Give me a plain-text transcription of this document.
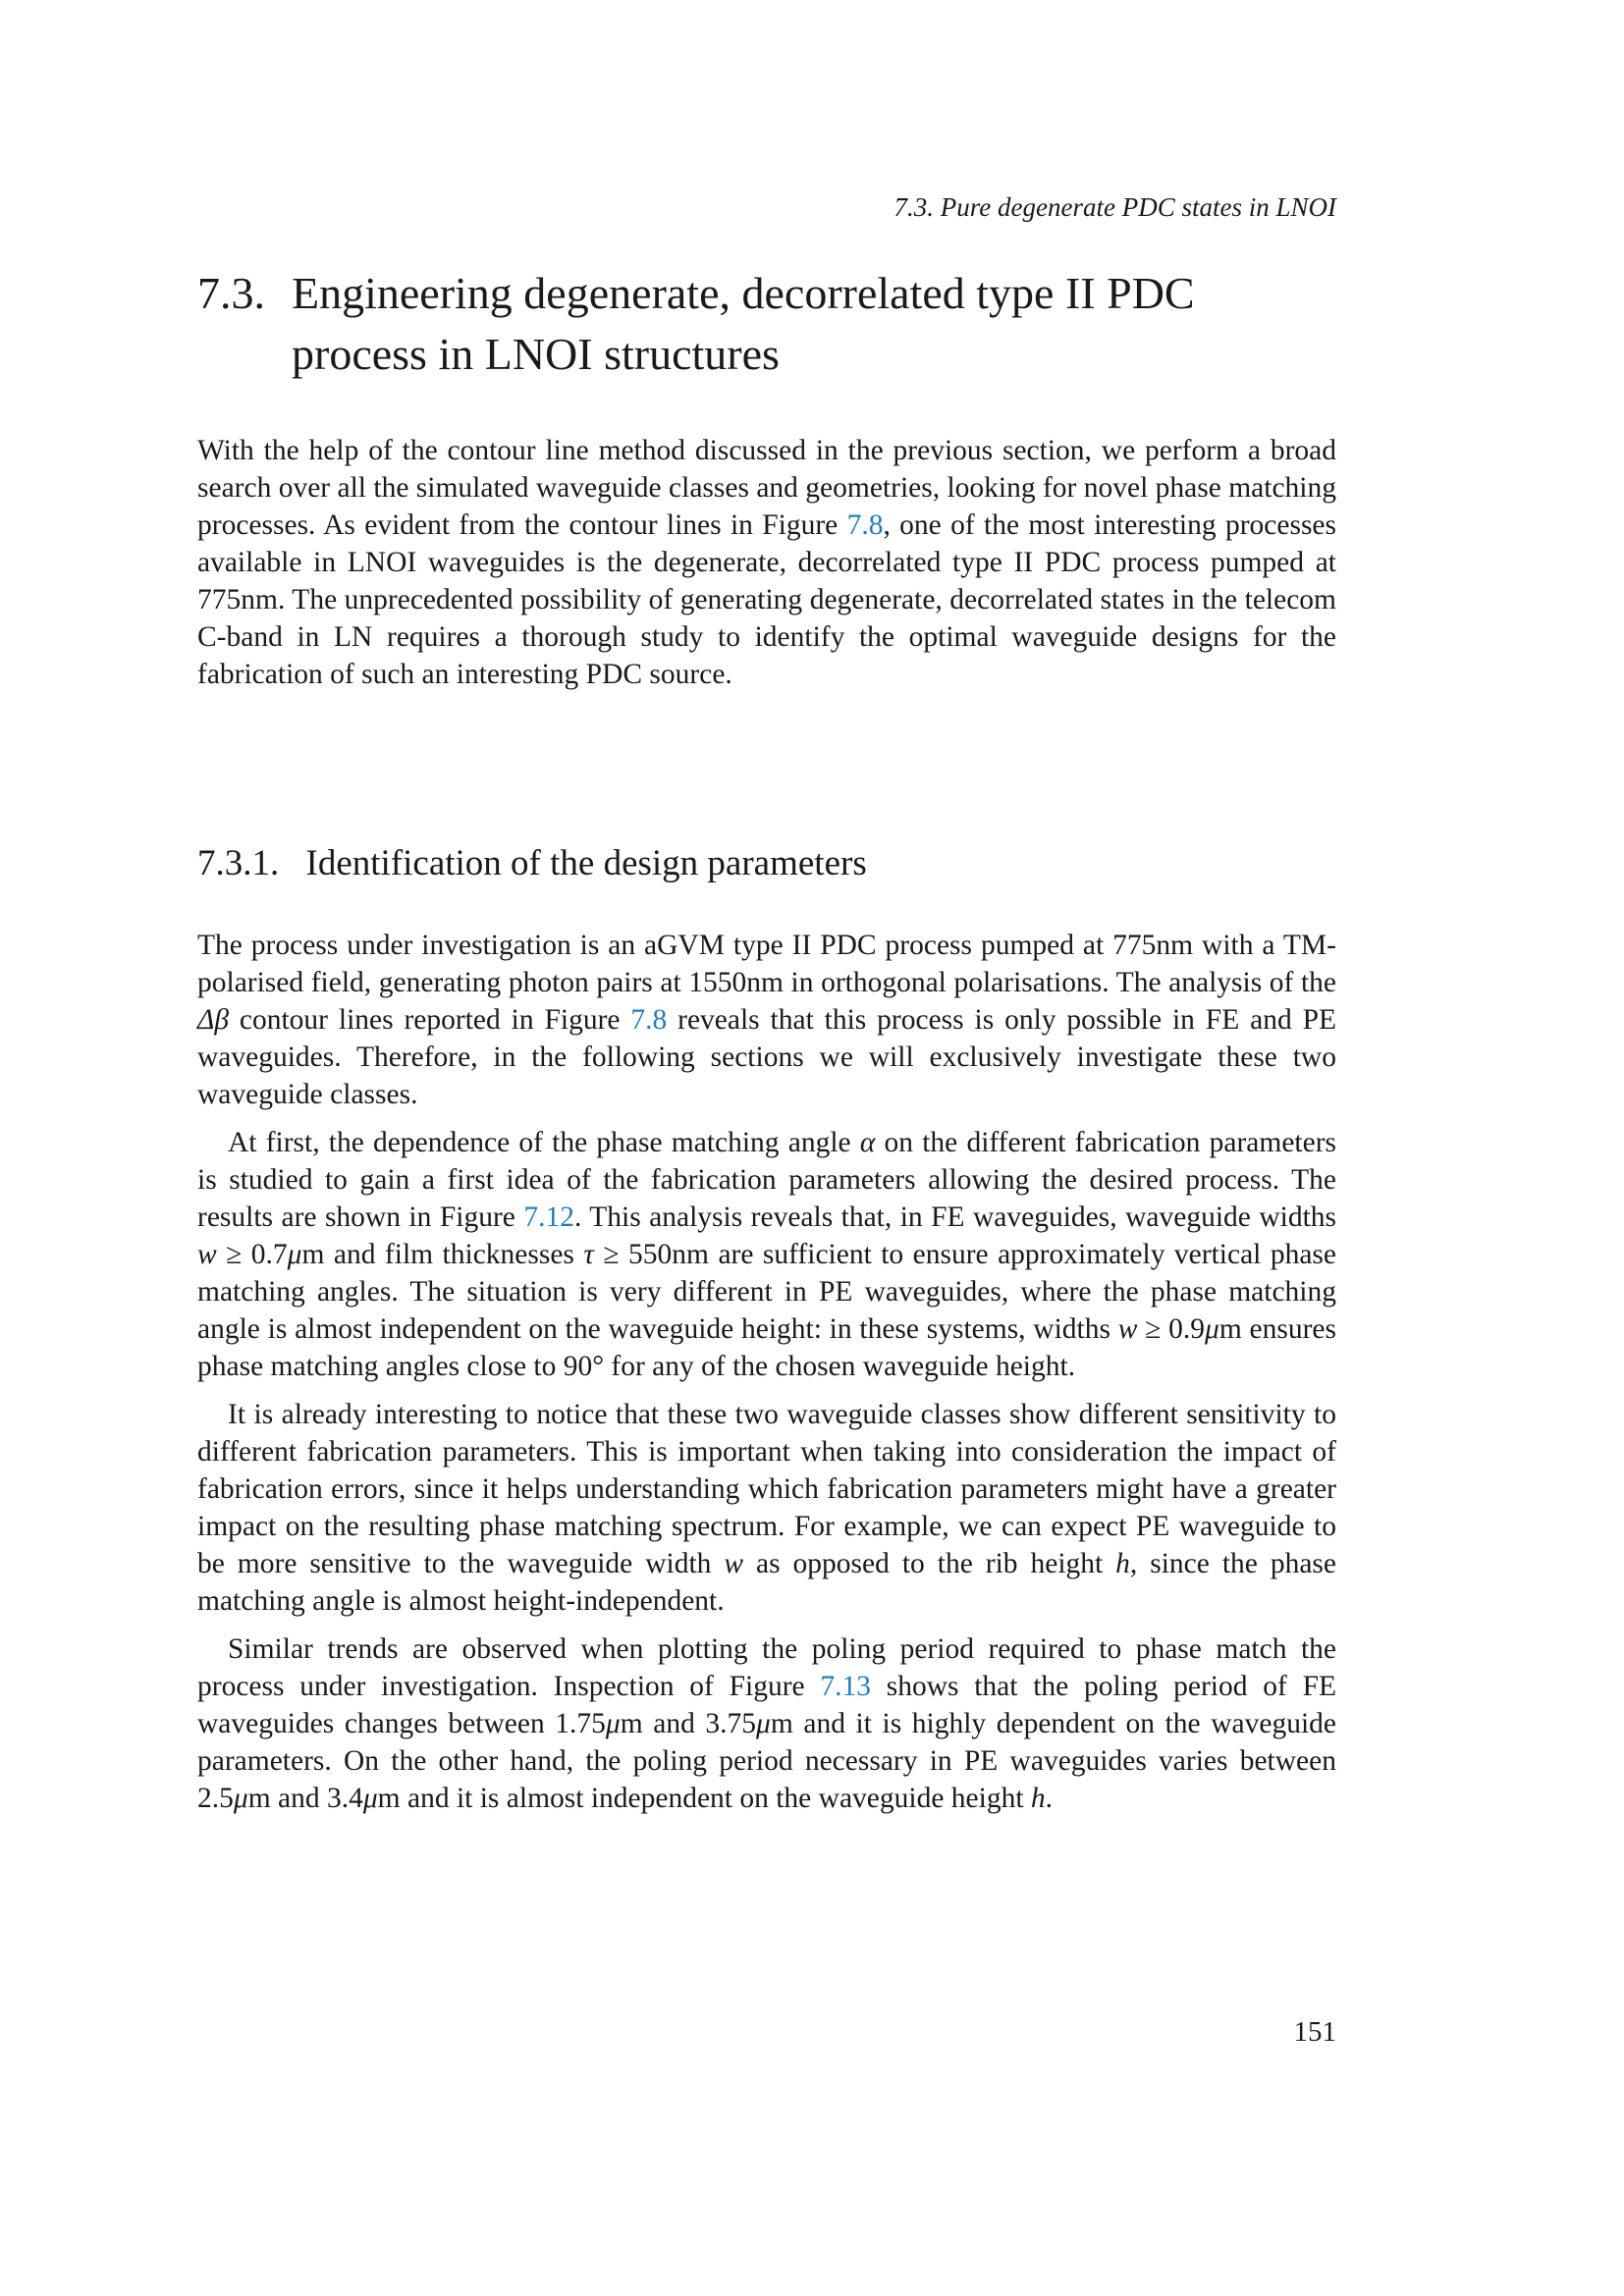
7.3. Pure degenerate PDC states in LNOI
7.3. Engineering degenerate, decorrelated type II PDC process in LNOI structures

With the help of the contour line method discussed in the previous section, we perform a broad search over all the simulated waveguide classes and geometries, looking for novel phase matching processes. As evident from the contour lines in Figure 7.8, one of the most interesting processes available in LNOI waveguides is the degenerate, decorrelated type II PDC process pumped at 775nm. The unprecedented possibility of generating degenerate, decorrelated states in the telecom C-band in LN requires a thorough study to identify the optimal waveguide designs for the fabrication of such an interesting PDC source.

7.3.1. Identification of the design parameters

The process under investigation is an aGVM type II PDC process pumped at 775nm with a TM-polarised field, generating photon pairs at 1550nm in orthogonal polarisations. The analysis of the Δβ contour lines reported in Figure 7.8 reveals that this process is only possible in FE and PE waveguides. Therefore, in the following sections we will exclusively investigate these two waveguide classes.

At first, the dependence of the phase matching angle α on the different fabrication parameters is studied to gain a first idea of the fabrication parameters allowing the desired process. The results are shown in Figure 7.12. This analysis reveals that, in FE waveguides, waveguide widths w ≥ 0.7μm and film thicknesses τ ≥ 550nm are sufficient to ensure approximately vertical phase matching angles. The situation is very different in PE waveguides, where the phase matching angle is almost independent on the waveguide height: in these systems, widths w ≥ 0.9μm ensures phase matching angles close to 90° for any of the chosen waveguide height.

It is already interesting to notice that these two waveguide classes show different sensitivity to different fabrication parameters. This is important when taking into consideration the impact of fabrication errors, since it helps understanding which fabrication parameters might have a greater impact on the resulting phase matching spectrum. For example, we can expect PE waveguide to be more sensitive to the waveguide width w as opposed to the rib height h, since the phase matching angle is almost height-independent.

Similar trends are observed when plotting the poling period required to phase match the process under investigation. Inspection of Figure 7.13 shows that the poling period of FE waveguides changes between 1.75μm and 3.75μm and it is highly dependent on the waveguide parameters. On the other hand, the poling period necessary in PE waveguides varies between 2.5μm and 3.4μm and it is almost independent on the waveguide height h.

151
